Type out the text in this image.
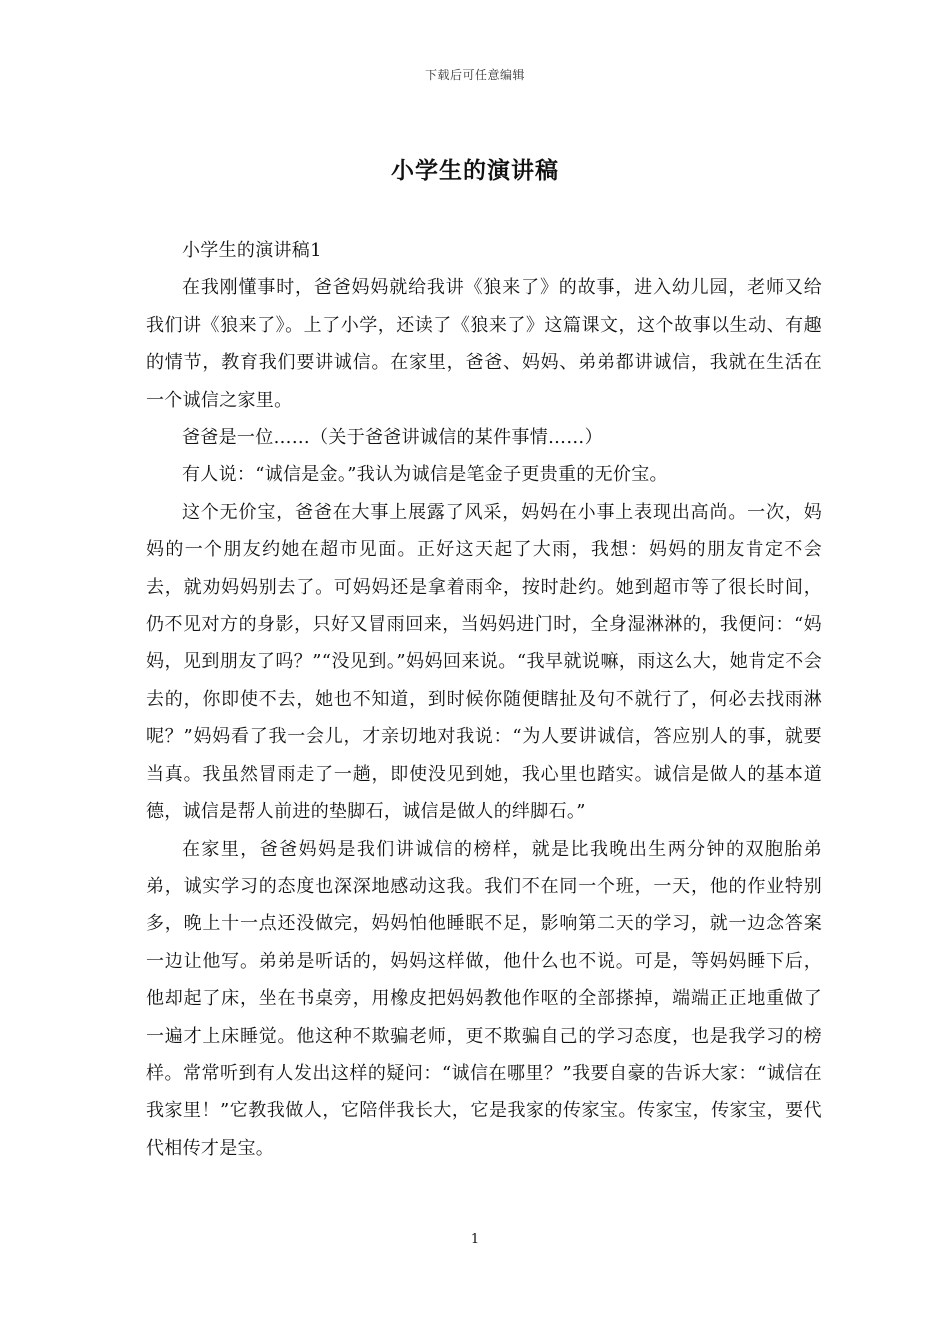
下载后可任意编辑
小学生的演讲稿

小学生的演讲稿1

在我刚懂事时，爸爸妈妈就给我讲《狼来了》的故事，进入幼儿园，老师又给我们讲《狼来了》。上了小学，还读了《狼来了》这篇课文，这个故事以生动、有趣的情节，教育我们要讲诚信。在家里，爸爸、妈妈、弟弟都讲诚信，我就在生活在一个诚信之家里。

爸爸是一位……（关于爸爸讲诚信的某件事情……）

有人说：“诚信是金。”我认为诚信是笔金子更贵重的无价宝。

这个无价宝，爸爸在大事上展露了风采，妈妈在小事上表现出高尚。一次，妈妈的一个朋友约她在超市见面。正好这天起了大雨，我想：妈妈的朋友肯定不会去，就劝妈妈别去了。可妈妈还是拿着雨伞，按时赴约。她到超市等了很长时间，仍不见对方的身影，只好又冒雨回来，当妈妈进门时，全身湿淋淋的，我便问：“妈妈，见到朋友了吗？”“没见到。”妈妈回来说。“我早就说嘛，雨这么大，她肯定不会去的，你即使不去，她也不知道，到时候你随便瞎扯及句不就行了，何必去找雨淋呢？”妈妈看了我一会儿，才亲切地对我说：“为人要讲诚信，答应别人的事，就要当真。我虽然冒雨走了一趟，即使没见到她，我心里也踏实。诚信是做人的基本道德，诚信是帮人前进的垫脚石，诚信是做人的绊脚石。”

在家里，爸爸妈妈是我们讲诚信的榜样，就是比我晚出生两分钟的双胞胎弟弟，诚实学习的态度也深深地感动这我。我们不在同一个班，一天，他的作业特别多，晚上十一点还没做完，妈妈怕他睡眠不足，影响第二天的学习，就一边念答案一边让他写。弟弟是听话的，妈妈这样做，他什么也不说。可是，等妈妈睡下后，他却起了床，坐在书桌旁，用橡皮把妈妈教他作呕的全部搽掉，端端正正地重做了一遍才上床睡觉。他这种不欺骗老师，更不欺骗自己的学习态度，也是我学习的榜样。常常听到有人发出这样的疑问：“诚信在哪里？”我要自豪的告诉大家：“诚信在我家里！”它教我做人，它陪伴我长大，它是我家的传家宝。传家宝，传家宝，要代代相传才是宝。

1
